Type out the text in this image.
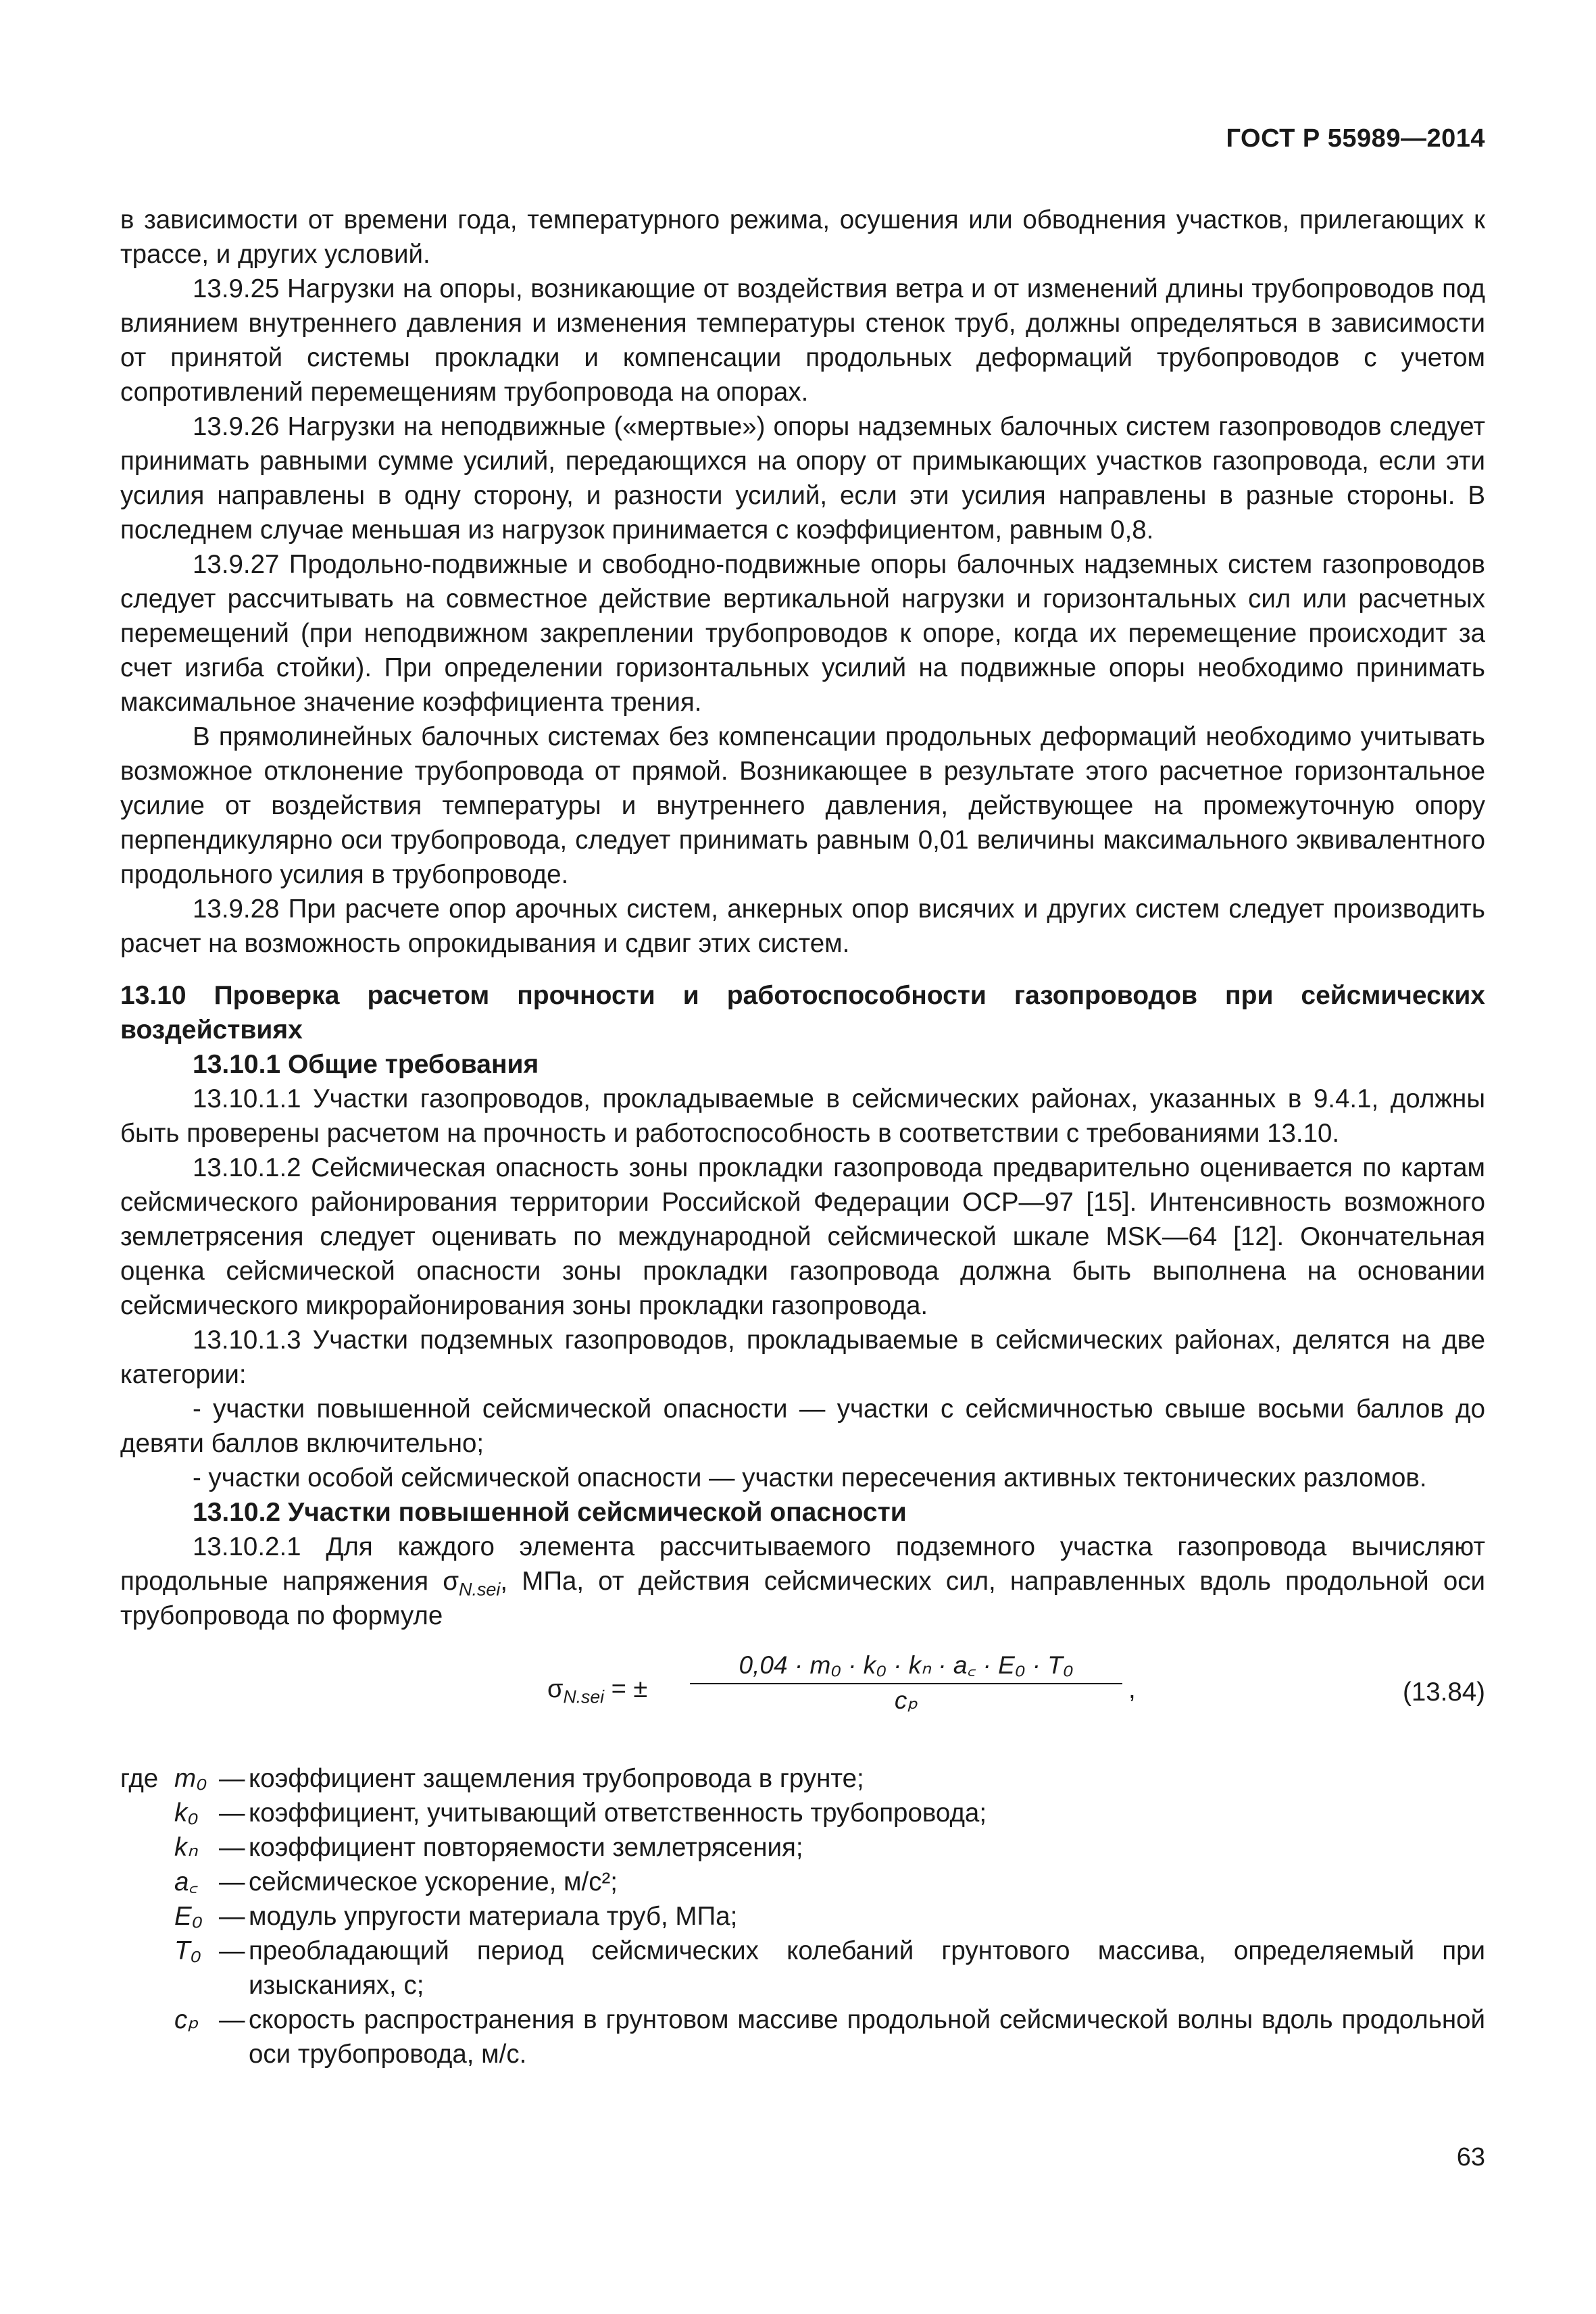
ГОСТ Р 55989—2014

в зависимости от времени года, температурного режима, осушения или обводнения участков, прилегающих к трассе, и других условий.

13.9.25 Нагрузки на опоры, возникающие от воздействия ветра и от изменений длины трубопроводов под влиянием внутреннего давления и изменения температуры стенок труб, должны определяться в зависимости от принятой системы прокладки и компенсации продольных деформаций трубопроводов с учетом сопротивлений перемещениям трубопровода на опорах.

13.9.26 Нагрузки на неподвижные («мертвые») опоры надземных балочных систем газопроводов следует принимать равными сумме усилий, передающихся на опору от примыкающих участков газопровода, если эти усилия направлены в одну сторону, и разности усилий, если эти усилия направлены в разные стороны. В последнем случае меньшая из нагрузок принимается с коэффициентом, равным 0,8.

13.9.27 Продольно-подвижные и свободно-подвижные опоры балочных надземных систем газопроводов следует рассчитывать на совместное действие вертикальной нагрузки и горизонтальных сил или расчетных перемещений (при неподвижном закреплении трубопроводов к опоре, когда их перемещение происходит за счет изгиба стойки). При определении горизонтальных усилий на подвижные опоры необходимо принимать максимальное значение коэффициента трения.

В прямолинейных балочных системах без компенсации продольных деформаций необходимо учитывать возможное отклонение трубопровода от прямой. Возникающее в результате этого расчетное горизонтальное усилие от воздействия температуры и внутреннего давления, действующее на промежуточную опору перпендикулярно оси трубопровода, следует принимать равным 0,01 величины максимального эквивалентного продольного усилия в трубопроводе.

13.9.28 При расчете опор арочных систем, анкерных опор висячих и других систем следует производить расчет на возможность опрокидывания и сдвиг этих систем.

13.10 Проверка расчетом прочности и работоспособности газопроводов при сейсмических воздействиях

13.10.1 Общие требования

13.10.1.1 Участки газопроводов, прокладываемые в сейсмических районах, указанных в 9.4.1, должны быть проверены расчетом на прочность и работоспособность в соответствии с требованиями 13.10.

13.10.1.2 Сейсмическая опасность зоны прокладки газопровода предварительно оценивается по картам сейсмического районирования территории Российской Федерации ОСР—97 [15]. Интенсивность возможного землетрясения следует оценивать по международной сейсмической шкале MSK—64 [12]. Окончательная оценка сейсмической опасности зоны прокладки газопровода должна быть выполнена на основании сейсмического микрорайонирования зоны прокладки газопровода.

13.10.1.3 Участки подземных газопроводов, прокладываемые в сейсмических районах, делятся на две категории:

- участки повышенной сейсмической опасности — участки с сейсмичностью свыше восьми баллов до девяти баллов включительно;

- участки особой сейсмической опасности — участки пересечения активных тектонических разломов.

13.10.2 Участки повышенной сейсмической опасности

13.10.2.1 Для каждого элемента рассчитываемого подземного участка газопровода вычисляют продольные напряжения $\sigma_{N.sei}$, МПа, от действия сейсмических сил, направленных вдоль продольной оси трубопровода по формуле

$\sigma_{N.sei}$ = ± $\frac{\text{0,04 · m₀ · k₀ · kₙ · a꜀ · E₀ · T₀}}{\text{cₚ}}$ ,	(13.84)
где m₀ — коэффициент защемления трубопровода в грунте;
k₀ — коэффициент, учитывающий ответственность трубопровода;
kₙ — коэффициент повторяемости землетрясения;
a꜀ — сейсмическое ускорение, м/с²;
E₀ — модуль упругости материала труб, МПа;
T₀ — преобладающий период сейсмических колебаний грунтового массива, определяемый при изысканиях, с;
cₚ — скорость распространения в грунтовом массиве продольной сейсмической волны вдоль продольной оси трубопровода, м/с.
63
